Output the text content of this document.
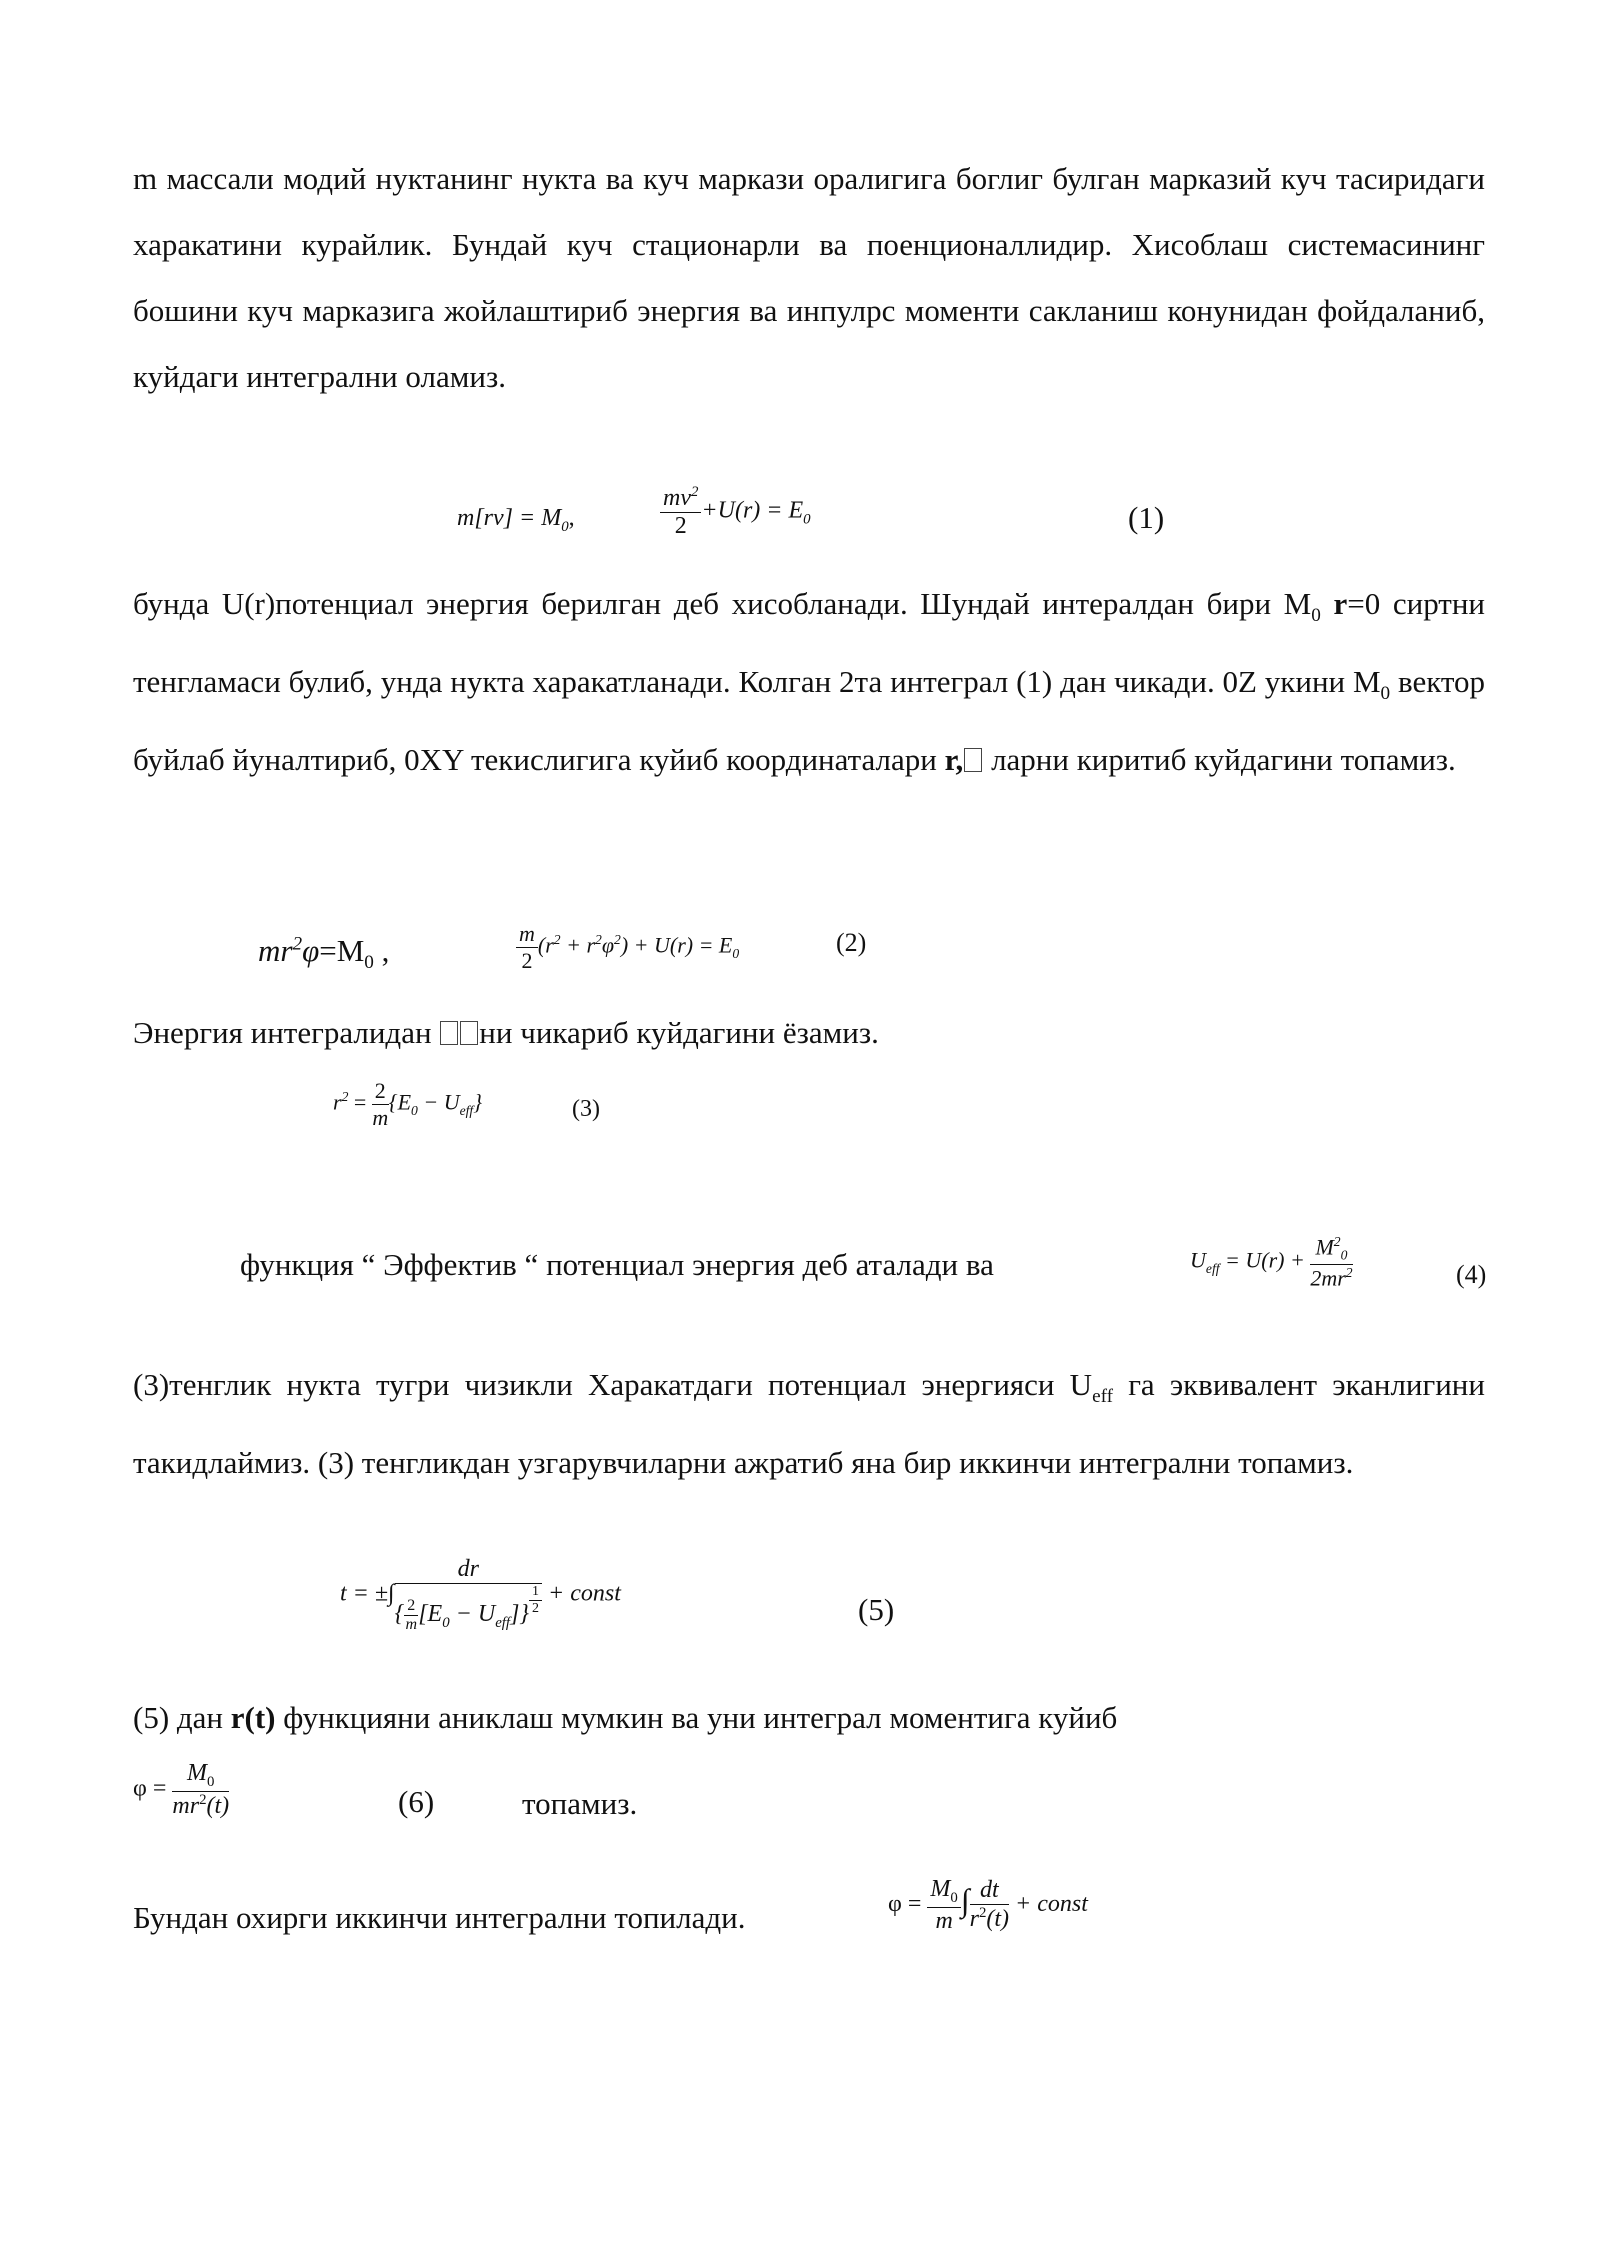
m массали модий нуктанинг нукта ва куч маркази оралигига боглиг булган марказий куч тасиридаги харакатини курайлик. Бундай куч стационарли ва поенционаллидир. Хисоблаш системасининг бошини куч марказига жойлаштириб энергия ва инпулрс моменти сакланиш конунидан фойдаланиб, куйдаги интегрални оламиз.
$m[rv] = M_0$,	$\frac{mv^2}{2} +U(r) = E_0$	(1)
бунда U(r)потенциал энергия берилган деб хисобланади. Шундай интералдан бири $M_0$ r=0 сиртни тенгламаси булиб, унда нукта харакатланади. Колган 2та интеграл (1) дан чикади. 0Z укини $M_0$ вектор буйлаб йуналтириб, 0XY текислигига куйиб координаталари r, ларни киритиб куйдагини топамиз.
$mr^2\varphi=M_0$ ,	$\frac{m}{2} (r^2 + r^2\varphi^2) + U(r) = E_0$	(2)
Энергия интегралидан ни чикариб куйдагини ёзамиз.
$r^2 = \frac{2}{m} \{E_0 - U_{eff}\}$	(3)
функция “ Эффектив “ потенциал энергия деб аталади ва	$U_{eff} = U(r) + \frac{M^2_0}{2mr^2}$	(4)
(3)тенглик нукта тугри чизикли Харакатдаги потенциал энергияси $U_{eff}$ га эквивалент эканлигини такидлаймиз. (3) тенгликдан узгарувчиларни ажратиб яна бир иккинчи интегрални топамиз.
t = ±∫ $\frac{dr}{\{ \frac{2}{m} [E_0 - U_{eff}]\} \frac{1}{2}}$ + const	(5)
(5) дан r(t) функцияни аниклаш мумкин ва уни интеграл моментига куйиб
$\varphi = \frac{M_0}{mr^2(t)}$	(6)	топамиз.
Бундан охирги иккинчи интегрални топилади.	$\varphi = \frac{M_0}{m}$ ∫ $\frac{dt}{r^2(t)}$ + const
